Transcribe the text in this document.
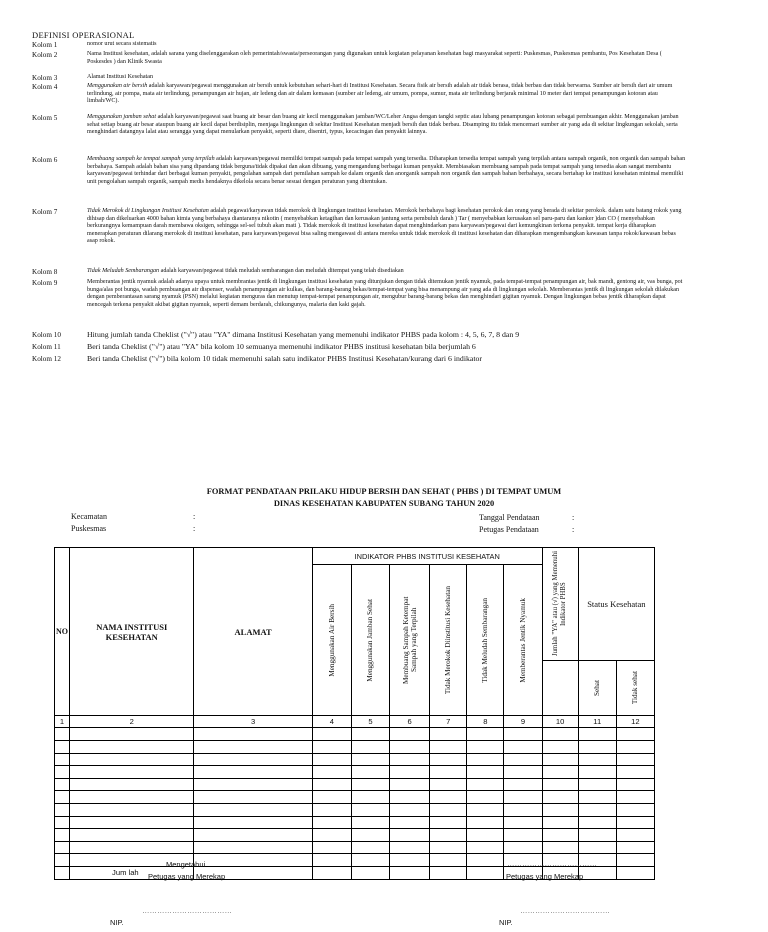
DEFINISI OPERASIONAL
Kolom 1	nomor urut secara sistematis
Kolom 2	Nama Institusi kesehatan, adalah sarana yang diselenggarakan oleh pemerintah/swasta/perseorangan yang digunakan untuk kegiatan pelayanan kesehatan bagi masyarakat seperti: Puskesmas, Puskesmas pembantu, Pos Kesehatan Desa ( Poskesdes ) dan Klinik Swasta
Kolom 3	Alamat Institusi Kesehatan
Kolom 4	Menggunakan air bersih adalah karyawan/pegawai menggunakan air bersih untuk kebutuhan sehari-hari di Institusi Kesehatan. Secara fisik air bersih adalah air tidak berasa, tidak berbau dan tidak berwarna. Sumber air bersih dari air umum terlindung, air pompa, mata air terlindung, penampungan air hujan, air ledeng dan air dalam kemasan (sumber air ledeng, air umum, pompa, sumur, mata air terlindung berjarak minimal 10 meter dari tempat penampungan kotoran atau limbah/WC).
Kolom 5	Menggunakan jamban sehat adalah karyawan/pegawai saat buang air besar dan buang air kecil menggunakan jamban/WC/Leher Angsa dengan tangki septic atau lubang penampungan kotoran sebagai pembuangan akhir. Menggunakan jamban sehat setiap buang air besar ataupun buang air kecil dapat berdisiplin, menjaga lingkungan di sekitar Institusi Kesehatan menjadi bersih dan tidak berbau. Disamping itu tidak mencemari sumber air yang ada di sekitar lingkungan sekolah, serta menghindari datangnya lalat atau serangga yang dapat menularkan penyakit, seperti diare, disentri, typus, kecacingan dan penyakit lainnya.
Kolom 6	Membuang sampah ke tempat sampah yang terpilah adalah karyawan/pegawai memiliki tempat sampah pada tempat sampah yang tersedia. Diharapkan tersedia tempat sampah yang terpilah antara sampah organik, non organik dan sampah bahan berbahaya. Sampah adalah bahan sisa yang dipandang tidak berguna/tidak dipakai dan akan dibuang, yang mengandung berbagai kuman penyakit. Membiasakan membuang sampah pada tempat sampah yang tersedia akan sangat membantu karyawan/pegawai terhindar dari berbagai kuman penyakit, pengolahan sampah dari pemilahan sampah ke dalam organik dan anorganik sampah non organik dan sampah bahan berbahaya, secara bertahap ke institusi kesehatan minimal memiliki unit pengolahan sampah organik, sampah medis hendaknya dikelola secara benar sesuai dengan peraturan yang ditentukan.
Kolom 7	Tidak Merokok di Lingkungan Institusi Kesehatan adalah pegawai/karyawan tidak merokok di lingkungan institusi kesehatan. Merokok berbahaya bagi kesehatan perokok dan orang yang berada di sekitar perokok. dalam satu batang rokok yang dihisap dan dikeluarkan 4000 bahan kimia yang berbahaya diantaranya nikotin ( menyebabkan ketagihan dan kerusakan jantung serta pembuluh darah ) Tar ( menyebabkan kerusakan sel paru-paru dan kanker )dan CO ( menyebabkan berkurangnya kemampuan darah membawa oksigen, sehingga sel-sel tubuh akan mati ). Tidak merokok di institusi kesehatan dapat menghindarkan para karyawan/pegawai dari kemungkinan terkena penyakit. tempat kerja diharapkan menerapkan peraturan dilarang merokok di institusi kesehatan, para karyawan/pegawai bisa saling mengawasi di antara mereka untuk tidak merokok di institusi kesehatan dan diharapkan mengembangkan kawasan tanpa rokok/kawasan bebas asap rokok.
Kolom 8	Tidak Meludah Sembarangan adalah karyawan/pegawai tidak meludah sembarangan dan meludah ditempat yang telah disediakan
Kolom 9	Memberantas jentik nyamuk adalah adanya upaya untuk membrantas jentik di lingkungan institusi kesehatan yang ditunjukan dengan tidak ditemukan jentik nyamuk, pada tempat-tempat penampungan air, bak mandi, gentong air, vas bunga, pot bunga/alas pot bunga, wadah pembuangan air dispenser, wadah penampungan air kulkas, dan barang-barang bekas/tempat-tempat yang bisa menampung air yang ada di lingkungan sekolah. Memberantas jentik di lingkungan sekolah dilakukan dengan pemberantasan sarang nyamuk (PSN) melalui kegiatan menguras dan menutup tempat-tempat penampungan air, mengubur barang-barang bekas dan menghindari gigitan nyamuk. Dengan lingkungan bebas jentik diharapkan dapat mencegah terkena penyakit akibat gigitan nyamuk, seperti demam berdarah, chikungunya, malaria dan kaki gajah.
Kolom 10	Hitung jumlah tanda Cheklist ("√") atau "YA" dimana Institusi Kesehatan yang memenuhi indikator PHBS pada kolom : 4, 5, 6, 7, 8 dan 9
Kolom 11	Beri tanda Cheklist ("√") atau "YA" bila kolom 10 semuanya memenuhi indikator PHBS institusi kesehatan bila berjumlah 6
Kolom 12	Beri tanda Cheklist ("√") bila kolom 10 tidak memenuhi salah satu indikator PHBS Institusi Kesehatan/kurang dari 6 indikator
FORMAT PENDATAAN PRILAKU HIDUP BERSIH DAN SEHAT ( PHBS ) DI TEMPAT UMUM
DINAS KESEHATAN KABUPATEN SUBANG TAHUN 2020
Kecamatan	:
Puskesmas	:
Tanggal Pendataan	:
Petugas Pendataan	:
NO	NAMA INSTITUSI KESEHATAN	ALAMAT	INDIKATOR PHBS INSTITUSI KESEHATAN						Jumlah "YA" atau (√) yang Memenuhi Indikator PHBS	Status Kesehatan	

			Menggunakan Air Bersih	Menggunakan Jamban Sehat	Membuang Sampah Ketempat Sampah yang Terpilah	Tidak Merokok Diinstitusi Kesehatan	Tidak Meludah Sembarangan	Memberantas Jentik Nyamuk			

										Sehat	Tidak sehat

1	2	3	4	5	6	7	8	9	10	11	12

	Jum lah										
Mengetahui
Petugas yang Merekap
………………………………
Petugas yang Merekap
………………………………
NIP.
………………………………
NIP.
